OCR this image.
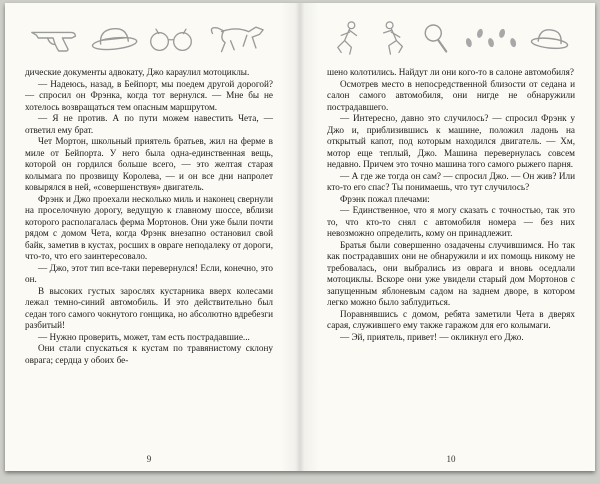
дические документы адвокату, Джо караулил мотоциклы.

— Надеюсь, назад, в Бейпорт, мы поедем другой дорогой? — спросил он Фрэнка, когда тот вернулся. — Мне бы не хотелось возвращаться тем опасным маршрутом.

— Я не против. А по пути можем навестить Чета, — ответил ему брат.

Чет Мортон, школьный приятель братьев, жил на ферме в миле от Бейпорта. У него была одна-единственная вещь, которой он гордился больше всего, — это желтая старая колымага по прозвищу Королева, — и он все дни напролет ковырялся в ней, «совершенствуя» двигатель.

Фрэнк и Джо проехали несколько миль и наконец свернули на проселочную дорогу, ведущую к главному шоссе, вблизи которого располагалась ферма Мортонов. Они уже были почти рядом с домом Чета, когда Фрэнк внезапно остановил свой байк, заметив в кустах, росших в овраге неподалеку от дороги, что-то, что его заинтересовало.

— Джо, этот тип все-таки перевернулся! Если, конечно, это он.

В высоких густых зарослях кустарника вверх колесами лежал темно-синий автомобиль. И это действительно был седан того самого чокнутого гонщика, но абсолютно вдребезги разбитый!

— Нужно проверить, может, там есть пострадавшие...

Они стали спускаться к кустам по травянистому склону оврага; сердца у обоих бе-

9

шено колотились. Найдут ли они кого-то в салоне автомобиля?

Осмотрев место в непосредственной близости от седана и салон самого автомобиля, они нигде не обнаружили пострадавшего.

— Интересно, давно это случилось? — спросил Фрэнк у Джо и, приблизившись к машине, положил ладонь на открытый капот, под которым находился двигатель. — Хм, мотор еще теплый, Джо. Машина перевернулась совсем недавно. Причем это точно машина того самого рыжего парня.

— А где же тогда он сам? — спросил Джо. — Он жив? Или кто-то его спас? Ты понимаешь, что тут случилось?

Фрэнк пожал плечами:

— Единственное, что я могу сказать с точностью, так это то, что кто-то снял с автомобиля номера — без них невозможно определить, кому он принадлежит.

Братья были совершенно озадачены случившимся. Но так как пострадавших они не обнаружили и их помощь никому не требовалась, они выбрались из оврага и вновь оседлали мотоциклы. Вскоре они уже увидели старый дом Мортонов с запущенным яблоневым садом на заднем дворе, в котором легко можно было заблудиться.

Поравнявшись с домом, ребята заметили Чета в дверях сарая, служившего ему также гаражом для его колымаги.

— Эй, приятель, привет! — окликнул его Джо.

10
